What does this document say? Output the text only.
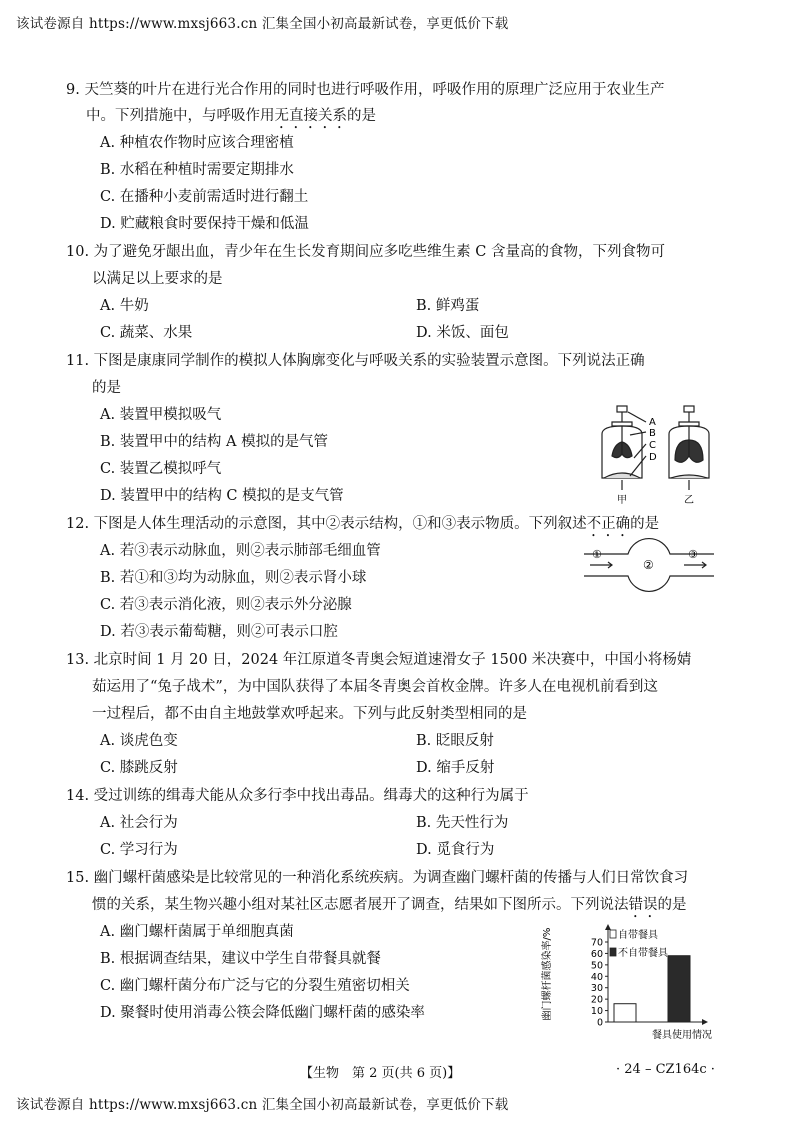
该试卷源自 https://www.mxsj663.cn 汇集全国小初高最新试卷，享更低价下载
9. 天竺葵的叶片在进行光合作用的同时也进行呼吸作用，呼吸作用的原理广泛应用于农业生产
中。下列措施中，与呼吸作用无直接关系的是
A. 种植农作物时应该合理密植
B. 水稻在种植时需要定期排水
C. 在播种小麦前需适时进行翻土
D. 贮藏粮食时要保持干燥和低温
10. 为了避免牙龈出血，青少年在生长发育期间应多吃些维生素 C 含量高的食物，下列食物可
以满足以上要求的是
A. 牛奶	B. 鲜鸡蛋
C. 蔬菜、水果	D. 米饭、面包
11. 下图是康康同学制作的模拟人体胸廓变化与呼吸关系的实验装置示意图。下列说法正确
的是
A. 装置甲模拟吸气
B. 装置甲中的结构 A 模拟的是气管
C. 装置乙模拟呼气
D. 装置甲中的结构 C 模拟的是支气管
A
B
C
D
甲	乙
12. 下图是人体生理活动的示意图，其中②表示结构，①和③表示物质。下列叙述不正确的是
A. 若③表示动脉血，则②表示肺部毛细血管
B. 若①和③均为动脉血，则②表示肾小球
C. 若③表示消化液，则②表示外分泌腺
D. 若③表示葡萄糖，则②可表示口腔
①
②
③
13. 北京时间 1 月 20 日，2024 年江原道冬青奥会短道速滑女子 1500 米决赛中，中国小将杨婧
茹运用了“兔子战术”，为中国队获得了本届冬青奥会首枚金牌。许多人在电视机前看到这
一过程后，都不由自主地鼓掌欢呼起来。下列与此反射类型相同的是
A. 谈虎色变	B. 眨眼反射
C. 膝跳反射	D. 缩手反射
14. 受过训练的缉毒犬能从众多行李中找出毒品。缉毒犬的这种行为属于
A. 社会行为	B. 先天性行为
C. 学习行为	D. 觅食行为
15. 幽门螺杆菌感染是比较常见的一种消化系统疾病。为调查幽门螺杆菌的传播与人们日常饮食习
惯的关系，某生物兴趣小组对某社区志愿者展开了调查，结果如下图所示。下列说法错误的是
A. 幽门螺杆菌属于单细胞真菌
B. 根据调查结果，建议中学生自带餐具就餐
C. 幽门螺杆菌分布广泛与它的分裂生殖密切相关
D. 聚餐时使用消毒公筷会降低幽门螺杆菌的感染率	幽门螺杆菌感染率/%
0
10
20
30
40
50
60
70
自带餐具
不自带餐具
餐具使用情况
【生物　第 2 页(共 6 页)】	· 24 – CZ164c ·
该试卷源自 https://www.mxsj663.cn 汇集全国小初高最新试卷，享更低价下载
